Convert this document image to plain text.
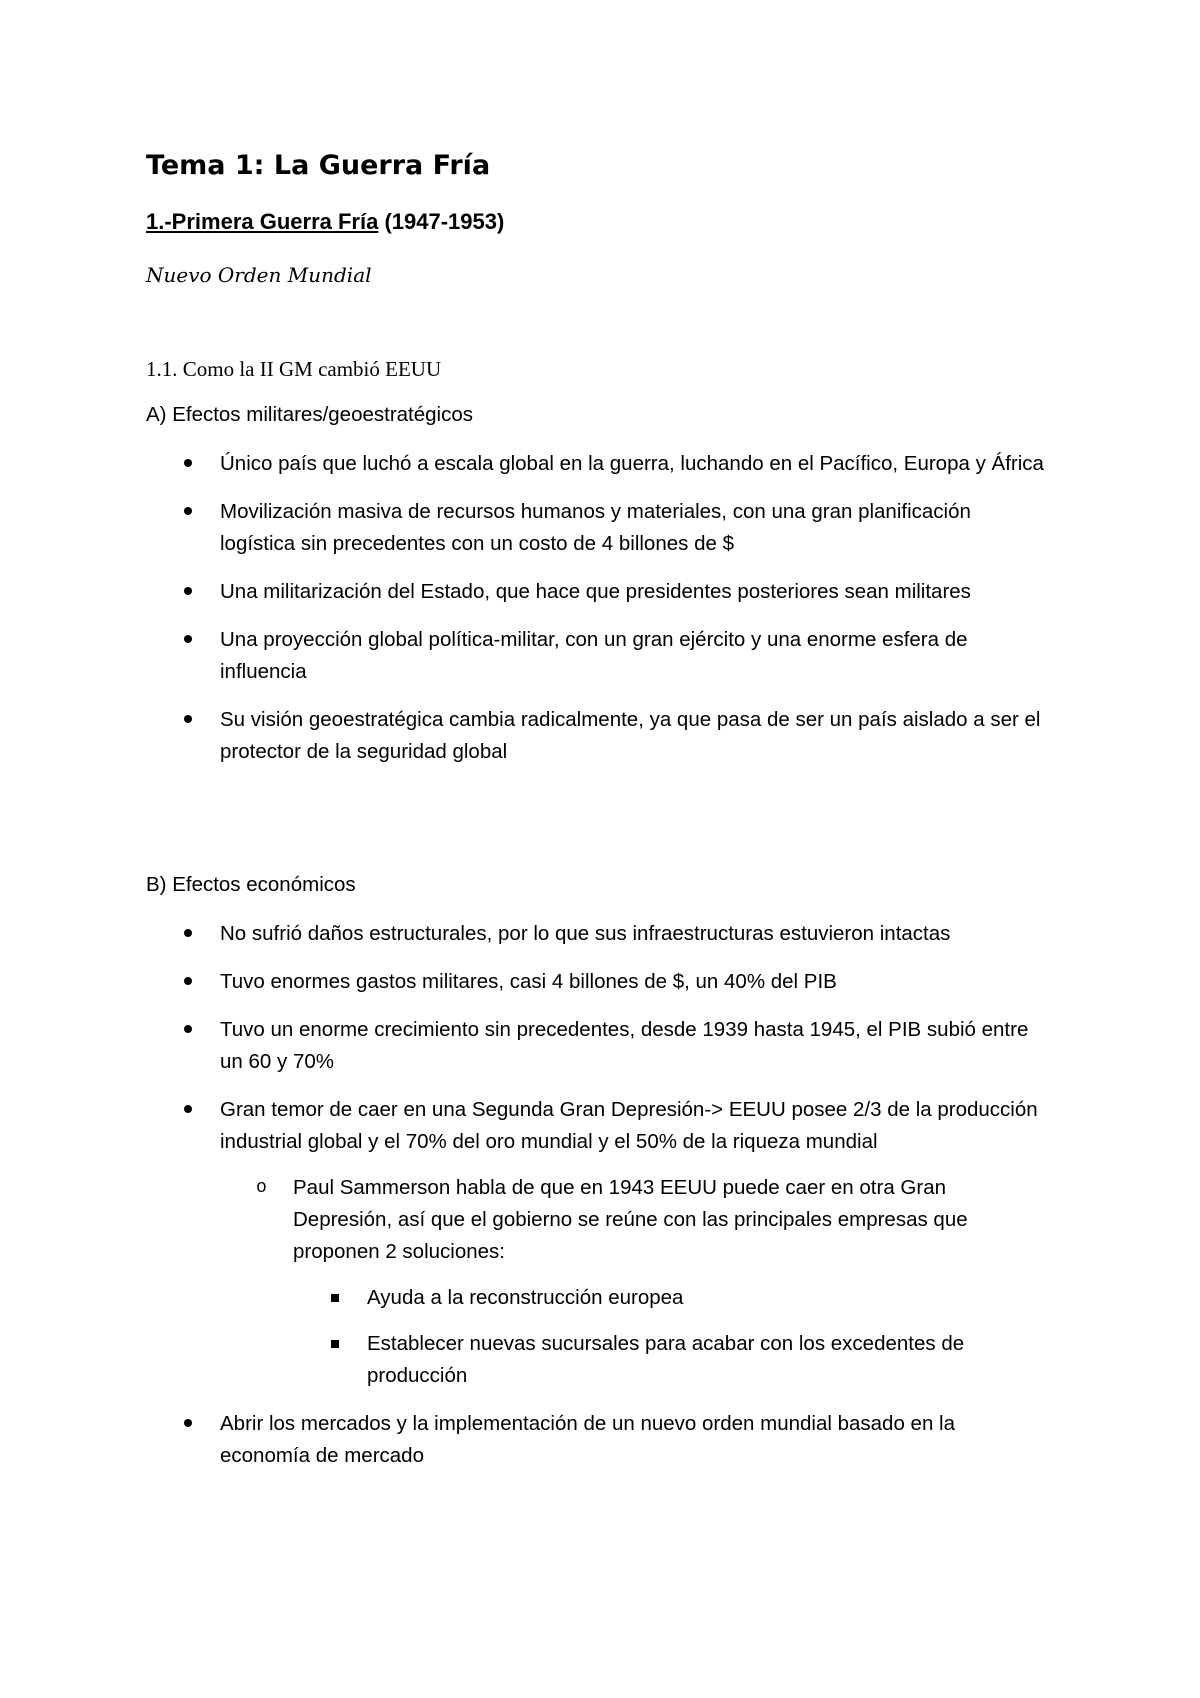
Tema 1: La Guerra Fría
1.-Primera Guerra Fría (1947-1953)
Nuevo Orden Mundial
1.1. Como la II GM cambió EEUU
A) Efectos militares/geoestratégicos
Único país que luchó a escala global en la guerra, luchando en el Pacífico, Europa y África
Movilización masiva de recursos humanos y materiales, con una gran planificación logística sin precedentes con un costo de 4 billones de $
Una militarización del Estado, que hace que presidentes posteriores sean militares
Una proyección global política-militar, con un gran ejército y una enorme esfera de influencia
Su visión geoestratégica cambia radicalmente, ya que pasa de ser un país aislado a ser el protector de la seguridad global
B) Efectos económicos
No sufrió daños estructurales, por lo que sus infraestructuras estuvieron intactas
Tuvo enormes gastos militares, casi 4 billones de $, un 40% del PIB
Tuvo un enorme crecimiento sin precedentes, desde 1939 hasta 1945, el PIB subió entre un 60 y 70%
Gran temor de caer en una Segunda Gran Depresión-> EEUU posee 2/3 de la producción industrial global y el 70% del oro mundial y el 50% de la riqueza mundial
o Paul Sammerson habla de que en 1943 EEUU puede caer en otra Gran Depresión, así que el gobierno se reúne con las principales empresas que proponen 2 soluciones:
Ayuda a la reconstrucción europea
Establecer nuevas sucursales para acabar con los excedentes de producción
Abrir los mercados y la implementación de un nuevo orden mundial basado en la economía de mercado
